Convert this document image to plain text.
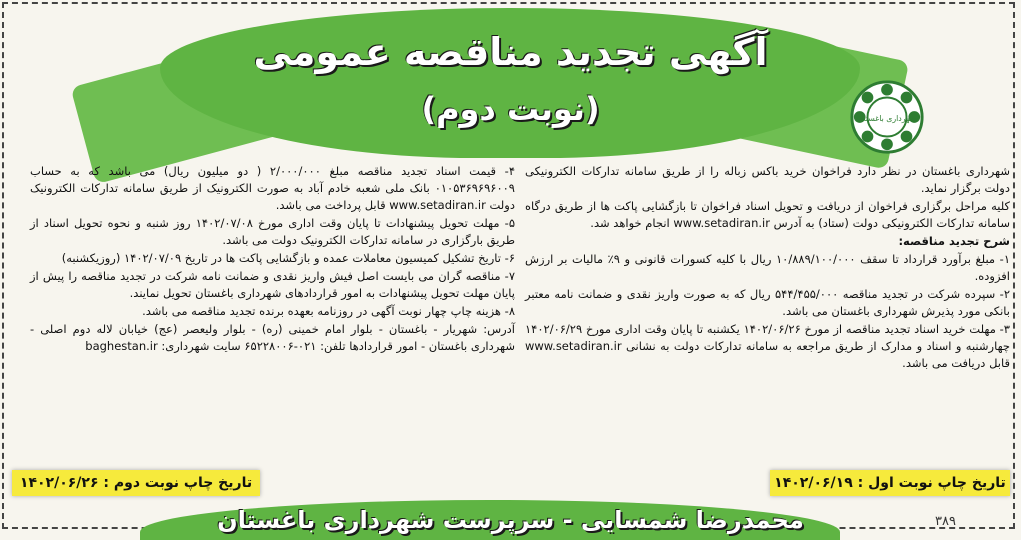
آگهی تجدید مناقصه عمومی
(نوبت دوم)	شهرداری باغستان

شهرداری باغستان در نظر دارد فراخوان خرید باکس زباله را از طریق سامانه تدارکات الکترونیکی دولت برگزار نماید.

کلیه مراحل برگزاری فراخوان از دریافت و تحویل اسناد فراخوان تا بازگشایی پاکت ها از طریق درگاه سامانه تدارکات الکترونیکی دولت (ستاد) به آدرس www.setadiran.ir انجام خواهد شد.

شرح تجدید مناقصه:

۱- مبلغ برآورد قرارداد تا سقف ۱۰/۸۸۹/۱۰۰/۰۰۰ ریال با کلیه کسورات قانونی و ۹٪ مالیات بر ارزش افزوده.

۲- سپرده شرکت در تجدید مناقصه ۵۴۴/۴۵۵/۰۰۰ ریال که به صورت واریز نقدی و ضمانت نامه معتبر بانکی مورد پذیرش شهرداری باغستان می باشد.

۳- مهلت خرید اسناد تجدید مناقصه از مورخ ۱۴۰۲/۰۶/۲۶ یکشنبه تا پایان وقت اداری مورخ ۱۴۰۲/۰۶/۲۹ چهارشنبه و اسناد و مدارک از طریق مراجعه به سامانه تدارکات دولت به نشانی www.setadiran.ir قابل دریافت می باشد.

۴- قیمت اسناد تجدید مناقصه مبلغ ۲/۰۰۰/۰۰۰ ( دو میلیون ریال) می باشد که به حساب ۰۱۰۵۳۶۹۶۹۶۰۰۹ بانک ملی شعبه خادم آباد به صورت الکترونیک از طریق سامانه تدارکات الکترونیک دولت www.setadiran.ir قابل پرداخت می باشد.

۵- مهلت تحویل پیشنهادات تا پایان وقت اداری مورخ ۱۴۰۲/۰۷/۰۸ روز شنبه و نحوه تحویل اسناد از طریق بارگزاری در سامانه تدارکات الکترونیک دولت می باشد.

۶- تاریخ تشکیل کمیسیون معاملات عمده و بازگشایی پاکت ها در تاریخ ۱۴۰۲/۰۷/۰۹ (روزیکشنبه)

۷- مناقصه گران می بایست اصل فیش واریز نقدی و ضمانت نامه شرکت در تجدید مناقصه را پیش از پایان مهلت تحویل پیشنهادات به امور قراردادهای شهرداری باغستان تحویل نمایند.

۸- هزینه چاپ چهار نوبت آگهی در روزنامه بعهده برنده تجدید مناقصه می باشد.

آدرس: شهریار - باغستان - بلوار امام خمینی (ره) - بلوار ولیعصر (عج) خیابان لاله دوم اصلی - شهرداری باغستان - امور قراردادها تلفن: ۰۲۱-۶۵۲۲۸۰۰۶ سایت شهرداری: baghestan.ir

تاریخ چاپ نوبت اول : ۱۴۰۲/۰۶/۱۹
تاریخ چاپ نوبت دوم : ۱۴۰۲/۰۶/۲۶
محمدرضا شمسایی - سرپرست شهرداری باغستان	۳۸۹
